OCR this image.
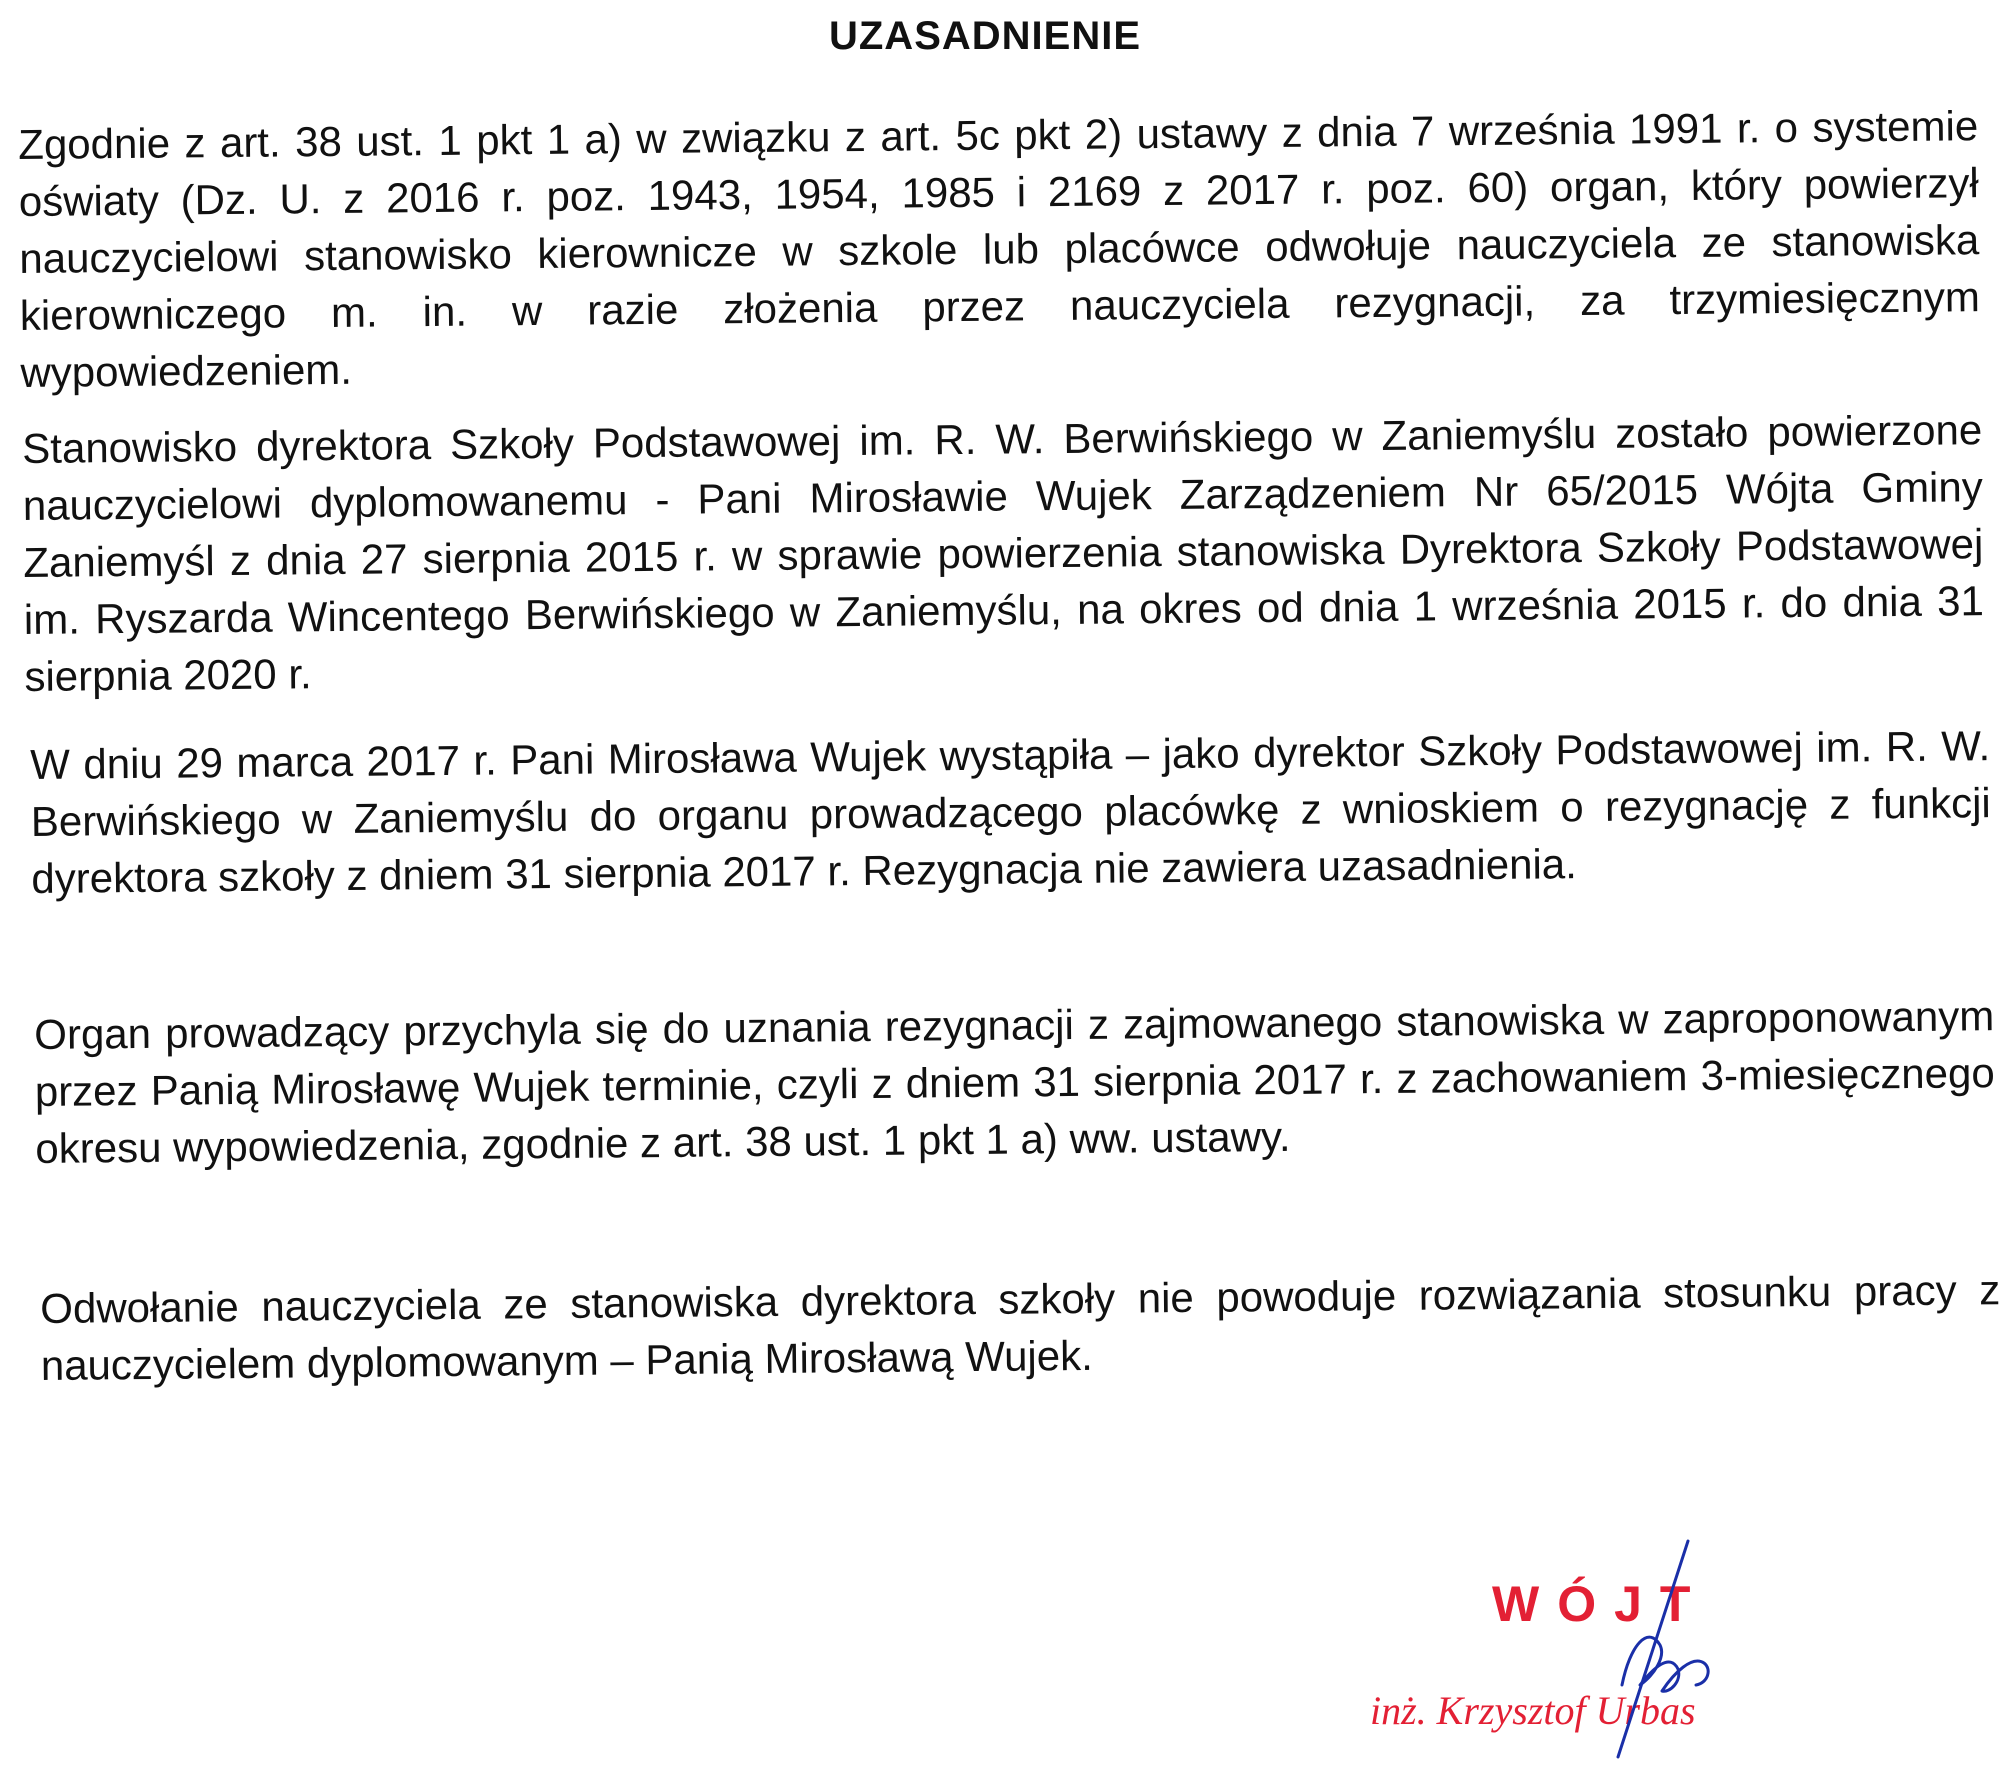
UZASADNIENIE

Zgodnie z art. 38 ust. 1 pkt 1 a) w związku z art. 5c pkt 2) ustawy z dnia 7 września 1991 r. o systemie oświaty (Dz. U. z 2016 r. poz. 1943, 1954, 1985 i 2169 z 2017 r. poz. 60) organ, który powierzył nauczycielowi stanowisko kierownicze w szkole lub placówce odwołuje nauczyciela ze stanowiska kierowniczego m. in. w razie złożenia przez nauczyciela rezygnacji, za trzymiesięcznym wypowiedzeniem.

Stanowisko dyrektora Szkoły Podstawowej im. R. W. Berwińskiego w Zaniemyślu zostało powierzone nauczycielowi dyplomowanemu - Pani Mirosławie Wujek Zarządzeniem Nr 65/2015 Wójta Gminy Zaniemyśl z dnia 27 sierpnia 2015 r. w sprawie powierzenia stanowiska Dyrektora Szkoły Podstawowej im. Ryszarda Wincentego Berwińskiego w Zaniemyślu, na okres od dnia 1 września 2015 r. do dnia 31 sierpnia 2020 r.

W dniu 29 marca 2017 r. Pani Mirosława Wujek wystąpiła – jako dyrektor Szkoły Podstawowej im. R. W. Berwińskiego w Zaniemyślu do organu prowadzącego placówkę z wnioskiem o rezygnację z funkcji dyrektora szkoły z dniem 31 sierpnia 2017 r. Rezygnacja nie zawiera uzasadnienia.

Organ prowadzący przychyla się do uznania rezygnacji z zajmowanego stanowiska w zaproponowanym przez Panią Mirosławę Wujek terminie, czyli z dniem 31 sierpnia 2017 r. z zachowaniem 3-miesięcznego okresu wypowiedzenia, zgodnie z art. 38 ust. 1 pkt 1 a) ww. ustawy.

Odwołanie nauczyciela ze stanowiska dyrektora szkoły nie powoduje rozwiązania stosunku pracy z nauczycielem dyplomowanym – Panią Mirosławą Wujek.

WÓJT
inż. Krzysztof Urbas
